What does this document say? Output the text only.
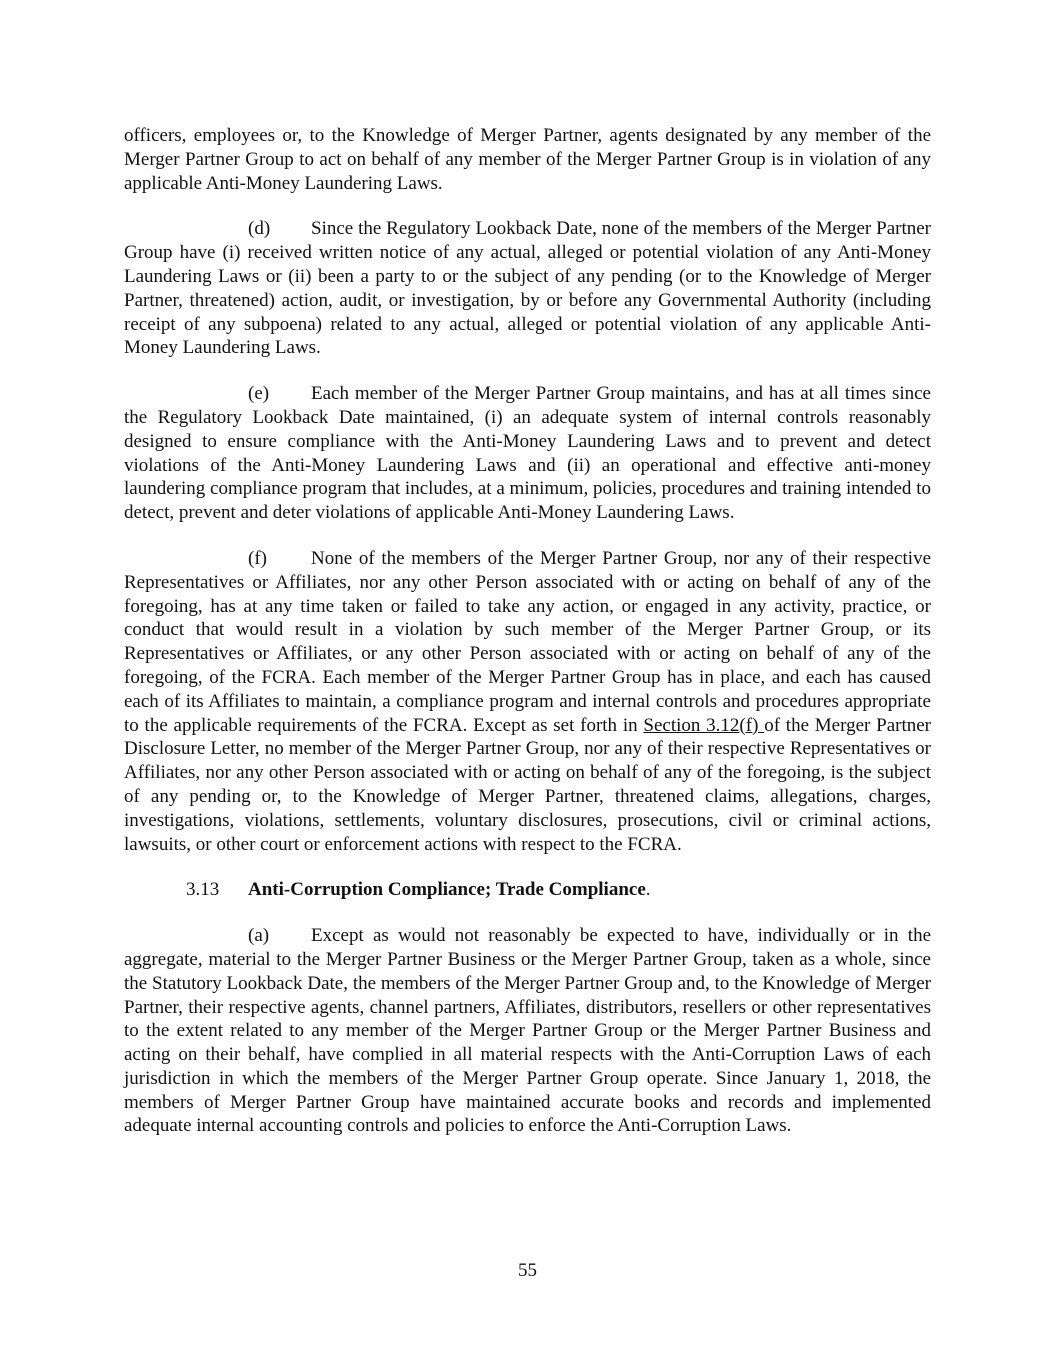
officers, employees or, to the Knowledge of Merger Partner, agents designated by any member of the Merger Partner Group to act on behalf of any member of the Merger Partner Group is in violation of any applicable Anti-Money Laundering Laws.

(d) Since the Regulatory Lookback Date, none of the members of the Merger Partner Group have (i) received written notice of any actual, alleged or potential violation of any Anti-Money Laundering Laws or (ii) been a party to or the subject of any pending (or to the Knowledge of Merger Partner, threatened) action, audit, or investigation, by or before any Governmental Authority (including receipt of any subpoena) related to any actual, alleged or potential violation of any applicable Anti-Money Laundering Laws.

(e) Each member of the Merger Partner Group maintains, and has at all times since the Regulatory Lookback Date maintained, (i) an adequate system of internal controls reasonably designed to ensure compliance with the Anti-Money Laundering Laws and to prevent and detect violations of the Anti-Money Laundering Laws and (ii) an operational and effective anti-money laundering compliance program that includes, at a minimum, policies, procedures and training intended to detect, prevent and deter violations of applicable Anti-Money Laundering Laws.

(f) None of the members of the Merger Partner Group, nor any of their respective Representatives or Affiliates, nor any other Person associated with or acting on behalf of any of the foregoing, has at any time taken or failed to take any action, or engaged in any activity, practice, or conduct that would result in a violation by such member of the Merger Partner Group, or its Representatives or Affiliates, or any other Person associated with or acting on behalf of any of the foregoing, of the FCRA. Each member of the Merger Partner Group has in place, and each has caused each of its Affiliates to maintain, a compliance program and internal controls and procedures appropriate to the applicable requirements of the FCRA. Except as set forth in Section 3.12(f) of the Merger Partner Disclosure Letter, no member of the Merger Partner Group, nor any of their respective Representatives or Affiliates, nor any other Person associated with or acting on behalf of any of the foregoing, is the subject of any pending or, to the Knowledge of Merger Partner, threatened claims, allegations, charges, investigations, violations, settlements, voluntary disclosures, prosecutions, civil or criminal actions, lawsuits, or other court or enforcement actions with respect to the FCRA.

3.13 Anti-Corruption Compliance; Trade Compliance.

(a) Except as would not reasonably be expected to have, individually or in the aggregate, material to the Merger Partner Business or the Merger Partner Group, taken as a whole, since the Statutory Lookback Date, the members of the Merger Partner Group and, to the Knowledge of Merger Partner, their respective agents, channel partners, Affiliates, distributors, resellers or other representatives to the extent related to any member of the Merger Partner Group or the Merger Partner Business and acting on their behalf, have complied in all material respects with the Anti-Corruption Laws of each jurisdiction in which the members of the Merger Partner Group operate. Since January 1, 2018, the members of Merger Partner Group have maintained accurate books and records and implemented adequate internal accounting controls and policies to enforce the Anti-Corruption Laws.

55
